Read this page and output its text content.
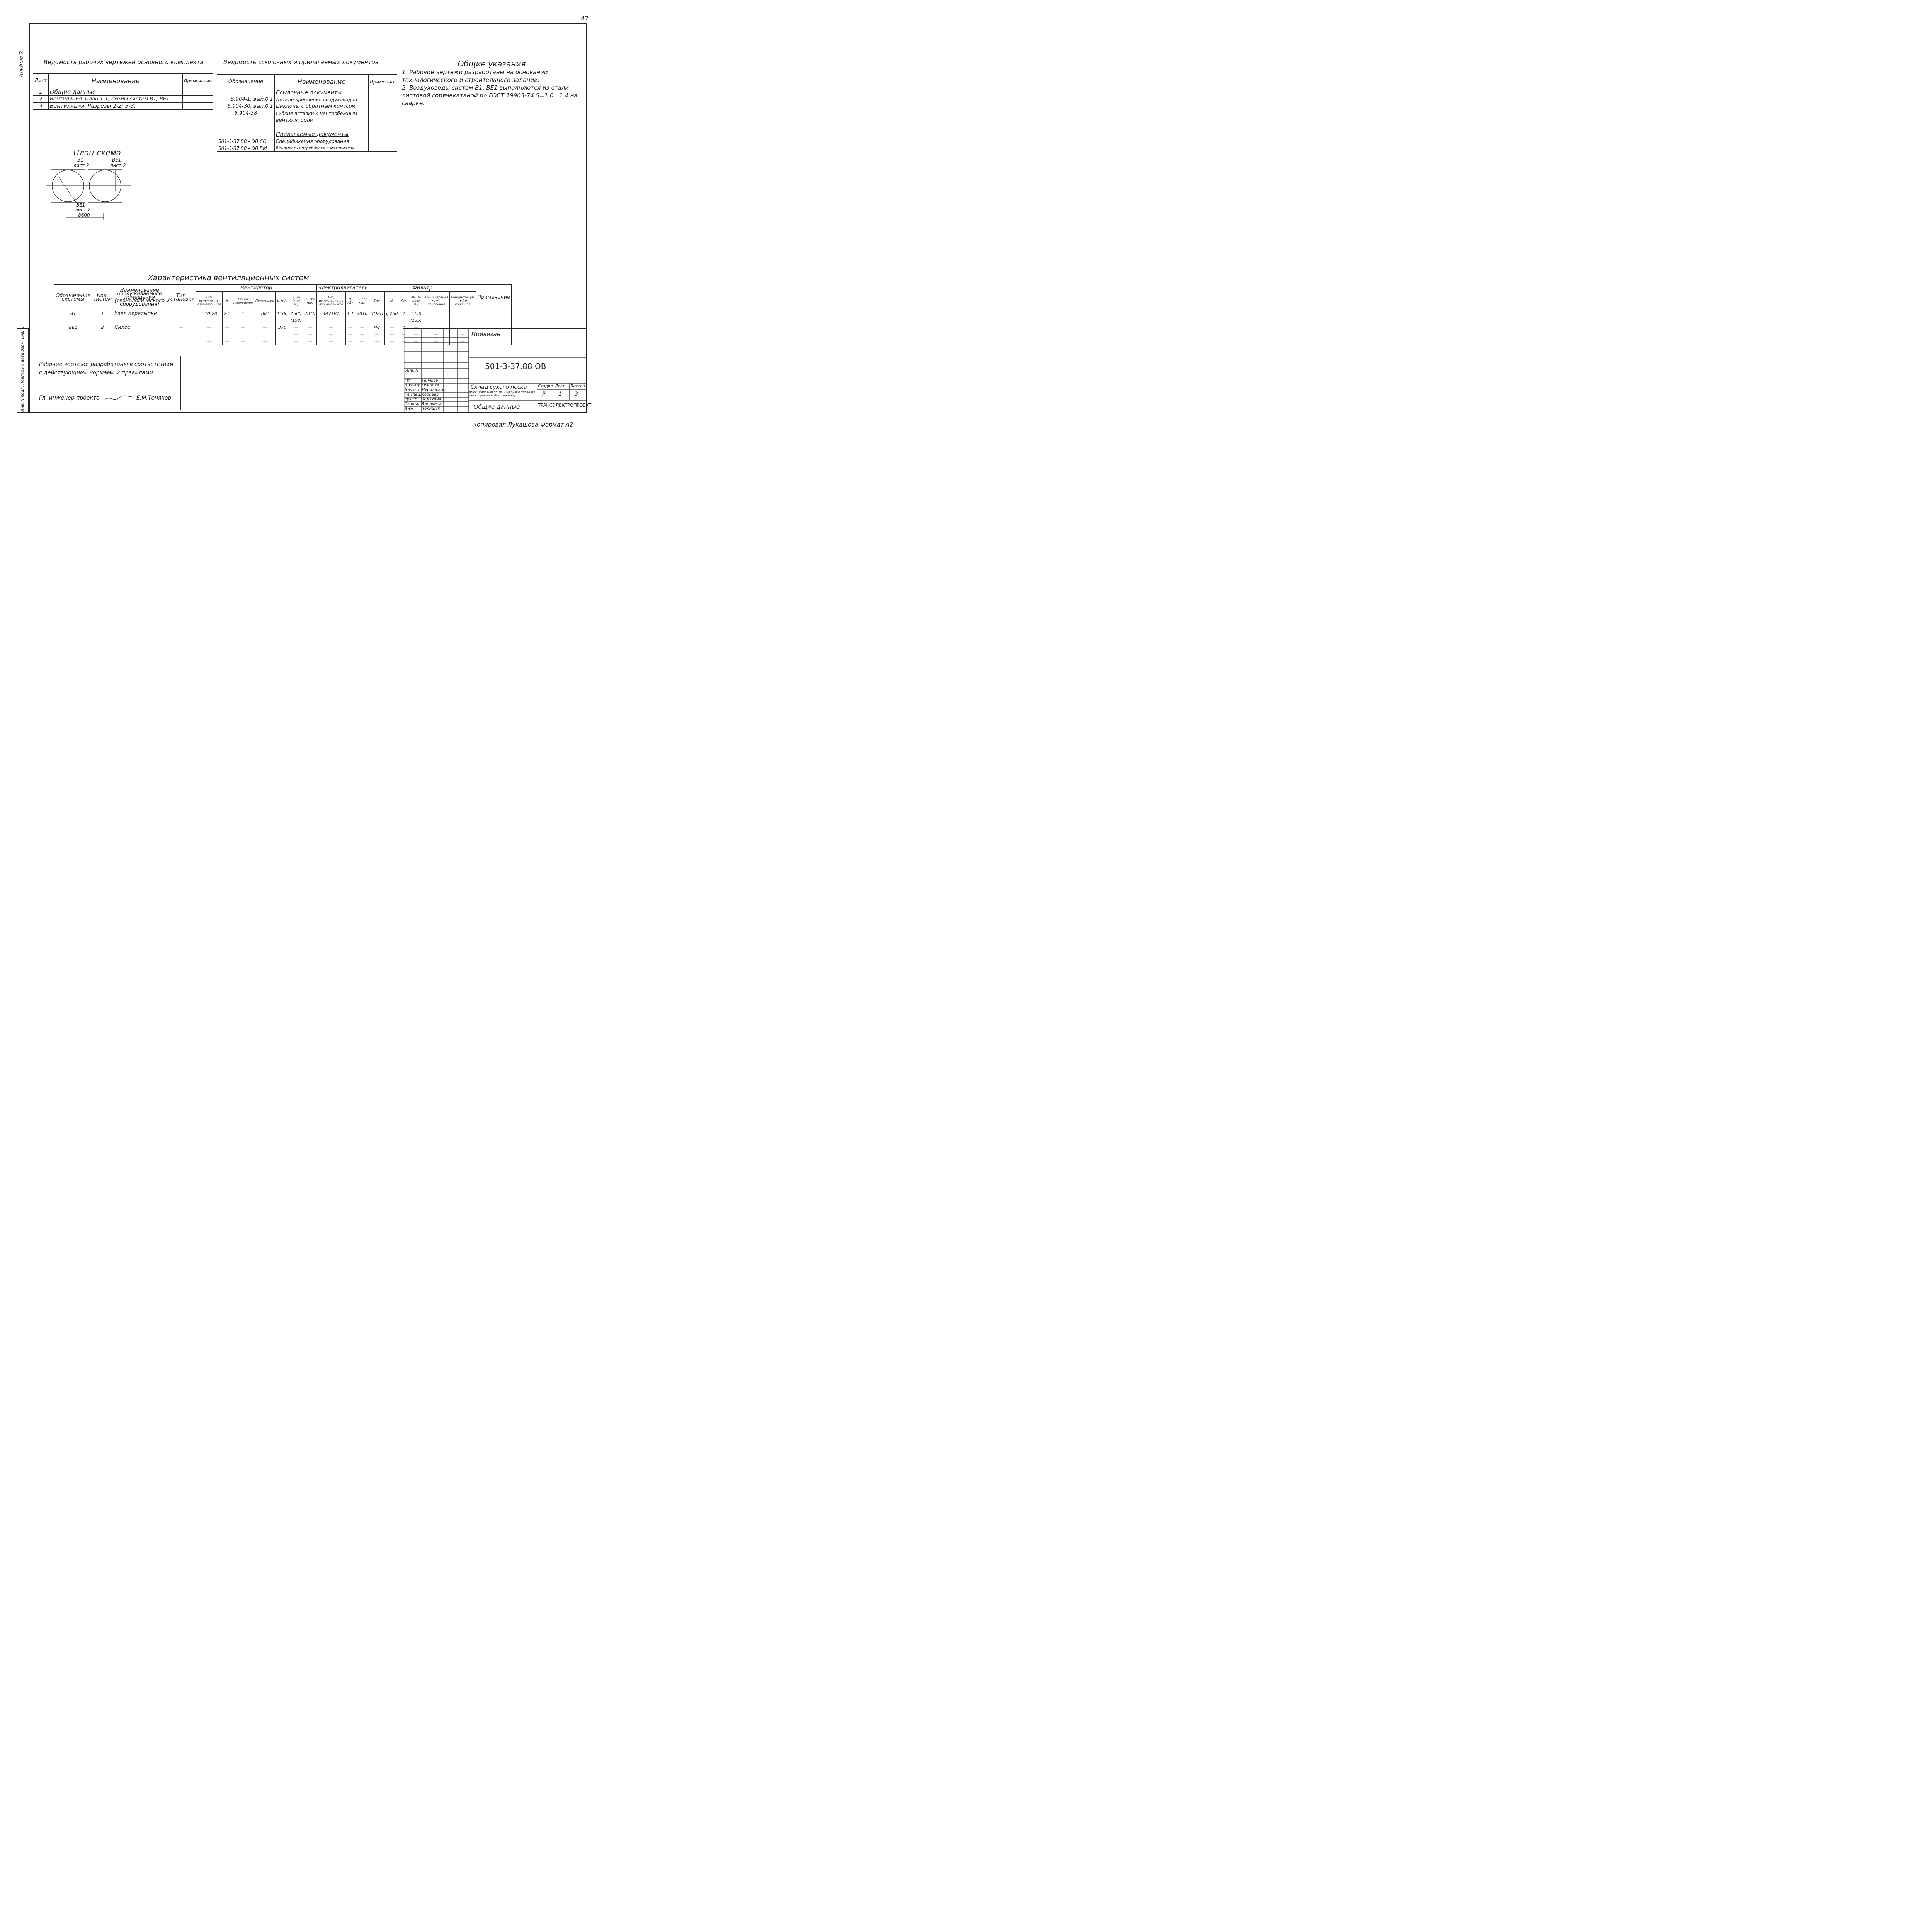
47
Альбом 2	Ведомость рабочих чертежей основного комплекта
Лист	Наименование	Примечание
1	Общие данные	
2	Вентиляция. План 1-1, схемы систем В1, ВЕ1	
3	Вентиляция. Разрезы 2-2; 3-3.	
Ведомость ссылочных и прилагаемых документов
Обозначение	Наименование	Примечан.
	Ссылочные документы	
5.904-1, вып.0.1	Детали крепления воздуховодов	
5.904-30, вып.0.1	Циклоны с обратным конусом	
5.904-38	Гибкие вставки к центробежным	
	вентиляторам	

	Прилагаемые документы	
501-3-37.88 - ОВ.СО	Спецификация оборудования	
501-3-37.88 - ОВ.ВМ	Ведомость потребности в материалах	
Общие указания
1. Рабочие чертежи разработаны на основании технологического и строительного заданий.
2. Воздуховоды систем В1, ВЕ1 выполняются из стали листовой горячекатаной по ГОСТ 19903-74 S=1.0...1.4 на сварке.
План-схема
В1
лист 2
ВЕ1
лист 2
ВЕ1
лист 2
8600
Характеристика вентиляционных систем
Обозначение системы	Кол. систем	Наименование обслуживаемого помещения (технологического оборудования)	Тип установки	Вентилятор							Электродвигатель			Фильтр						Примечание
				Тип, исполнение, взрывозащита	№	Схема исполнения	Положение	L, м³/ч	P, Па (кгс/м²)	n, об/мин	Тип, исполнение по взрывозащите	N, кВт	n, об/мин	Тип	№	Кол.	ΔP, Па (кгс/м²)	Концентрация мг/м³ начальная	Концентрация мг/м³ конечная	
В1	1	Узел пересыпки		Ц10-28	2,5	1	Л0°	1100	1580	2810	4А71В2	1,1	2810	ЦОКЦ	ф250	1	1350			
									(158)								(135)			
ВЕ1	2	Силос	—	—	—	—	—	370	—	—	—	—	—	НС	—	1	—			
									—	—	—	—	—	—	—	—	—	—	—	
				—	—	—	—		—	—	—	—	—	—	—	—	—	—	—	
Рабочие чертежи разработаны в соответствии с действующими нормами и правилами
Гл. инженер проекта	Е.М.Теняков
Инв. N подл. Подпись и дата Взам. инв. N	Привязан
Инв. N	501-3-37.88 ОВ
Склад сухого песка
вместимостью 850м³ (загрузка песка из пескосушильной установки)
Общие данные
Стадия Лист Листов
Р 1 3
ТРАНСЭЛЕКТРОПРОЕКТ
ГИП	Теняков
Н.контр. Осипова
Нач.отд. Нуриджанов
Гл.спец. Корнеев
Рук.гр. Водяхина
Ст.инж. Липикина
Инж.	Полищук
копировал Лукашова Формат А2
